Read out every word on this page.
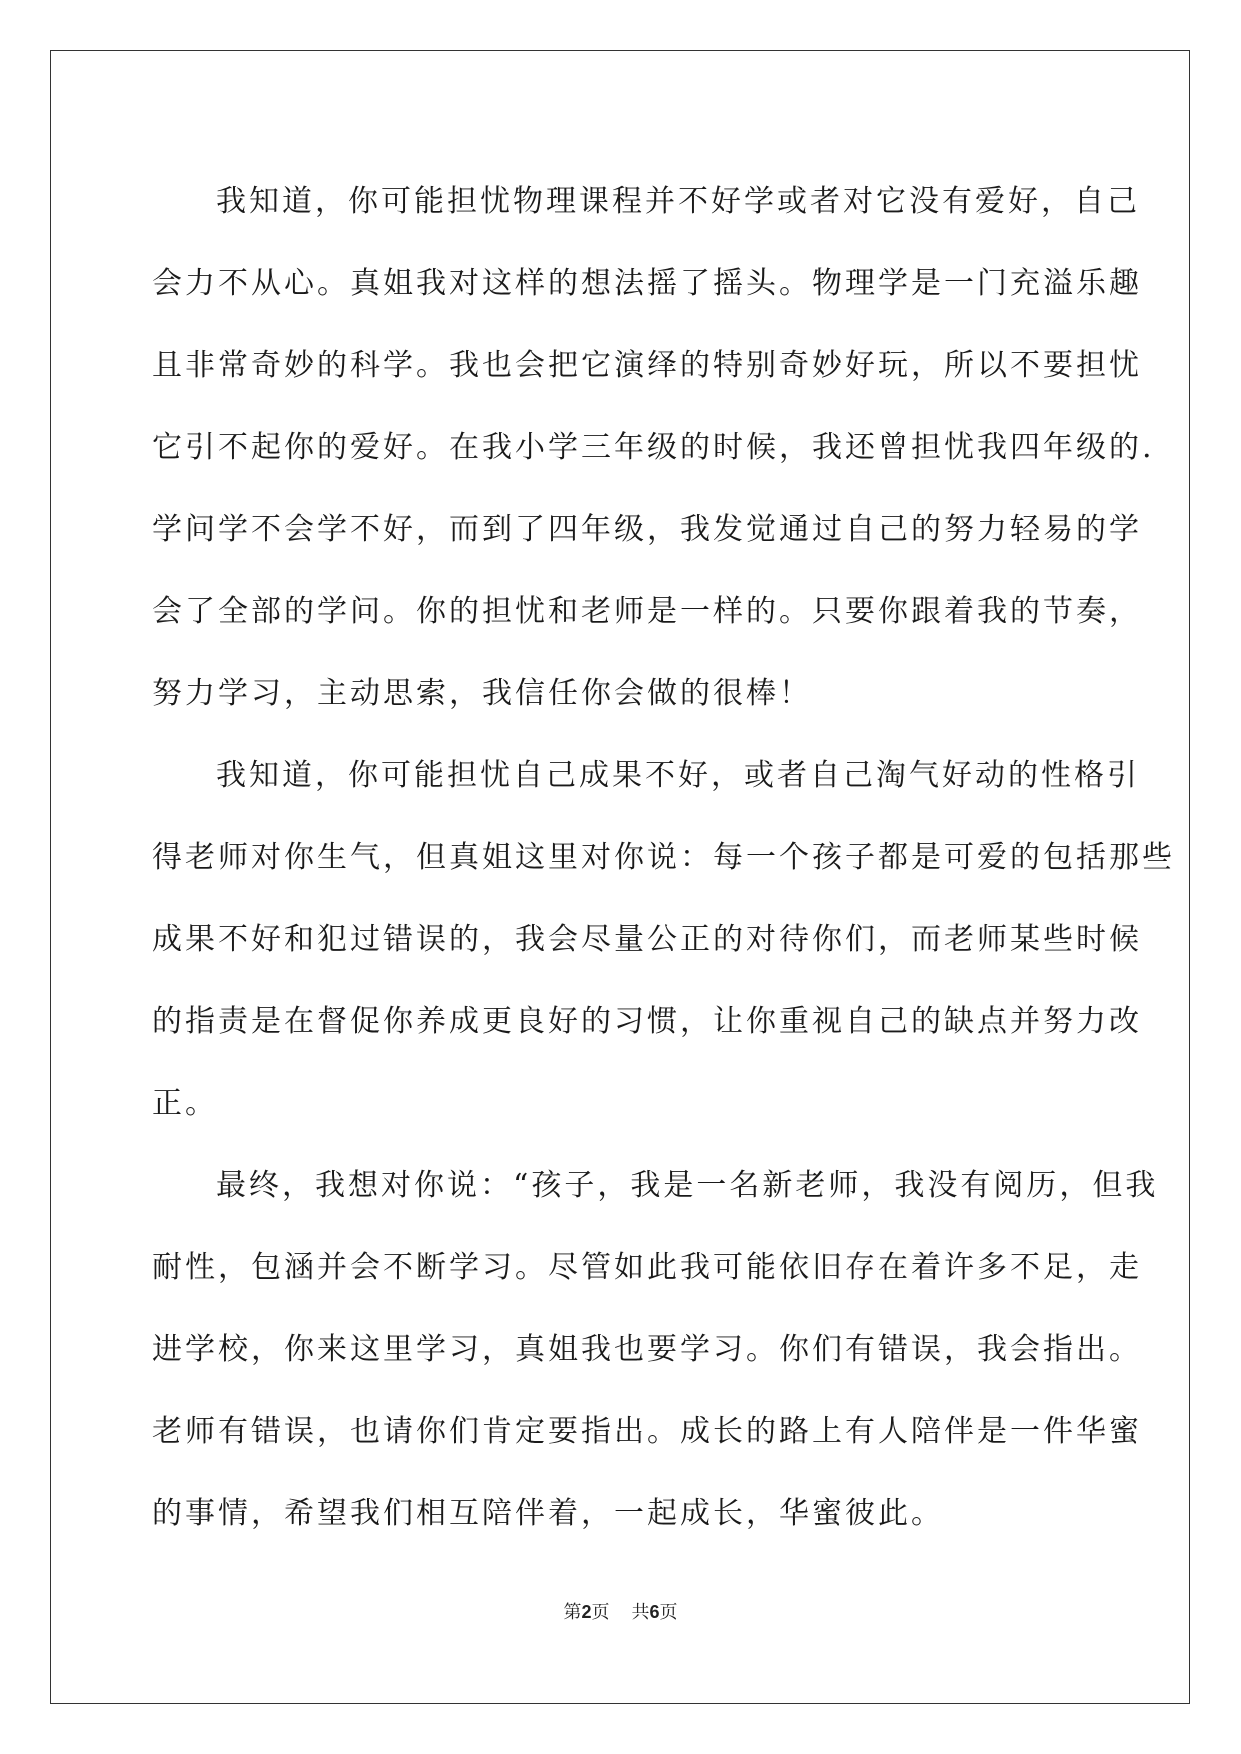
我知道，你可能担忧物理课程并不好学或者对它没有爱好，自己
会力不从心。真姐我对这样的想法摇了摇头。物理学是一门充溢乐趣
且非常奇妙的科学。我也会把它演绎的特别奇妙好玩，所以不要担忧
它引不起你的爱好。在我小学三年级的时候，我还曾担忧我四年级的.
学问学不会学不好，而到了四年级，我发觉通过自己的努力轻易的学
会了全部的学问。你的担忧和老师是一样的。只要你跟着我的节奏，
努力学习，主动思索，我信任你会做的很棒！
我知道，你可能担忧自己成果不好，或者自己淘气好动的性格引
得老师对你生气，但真姐这里对你说：每一个孩子都是可爱的包括那些
成果不好和犯过错误的，我会尽量公正的对待你们，而老师某些时候
的指责是在督促你养成更良好的习惯，让你重视自己的缺点并努力改
正。
最终，我想对你说：“孩子，我是一名新老师，我没有阅历，但我
耐性，包涵并会不断学习。尽管如此我可能依旧存在着许多不足，走
进学校，你来这里学习，真姐我也要学习。你们有错误，我会指出。
老师有错误，也请你们肯定要指出。成长的路上有人陪伴是一件华蜜
的事情，希望我们相互陪伴着，一起成长，华蜜彼此。
第2页 共6页
